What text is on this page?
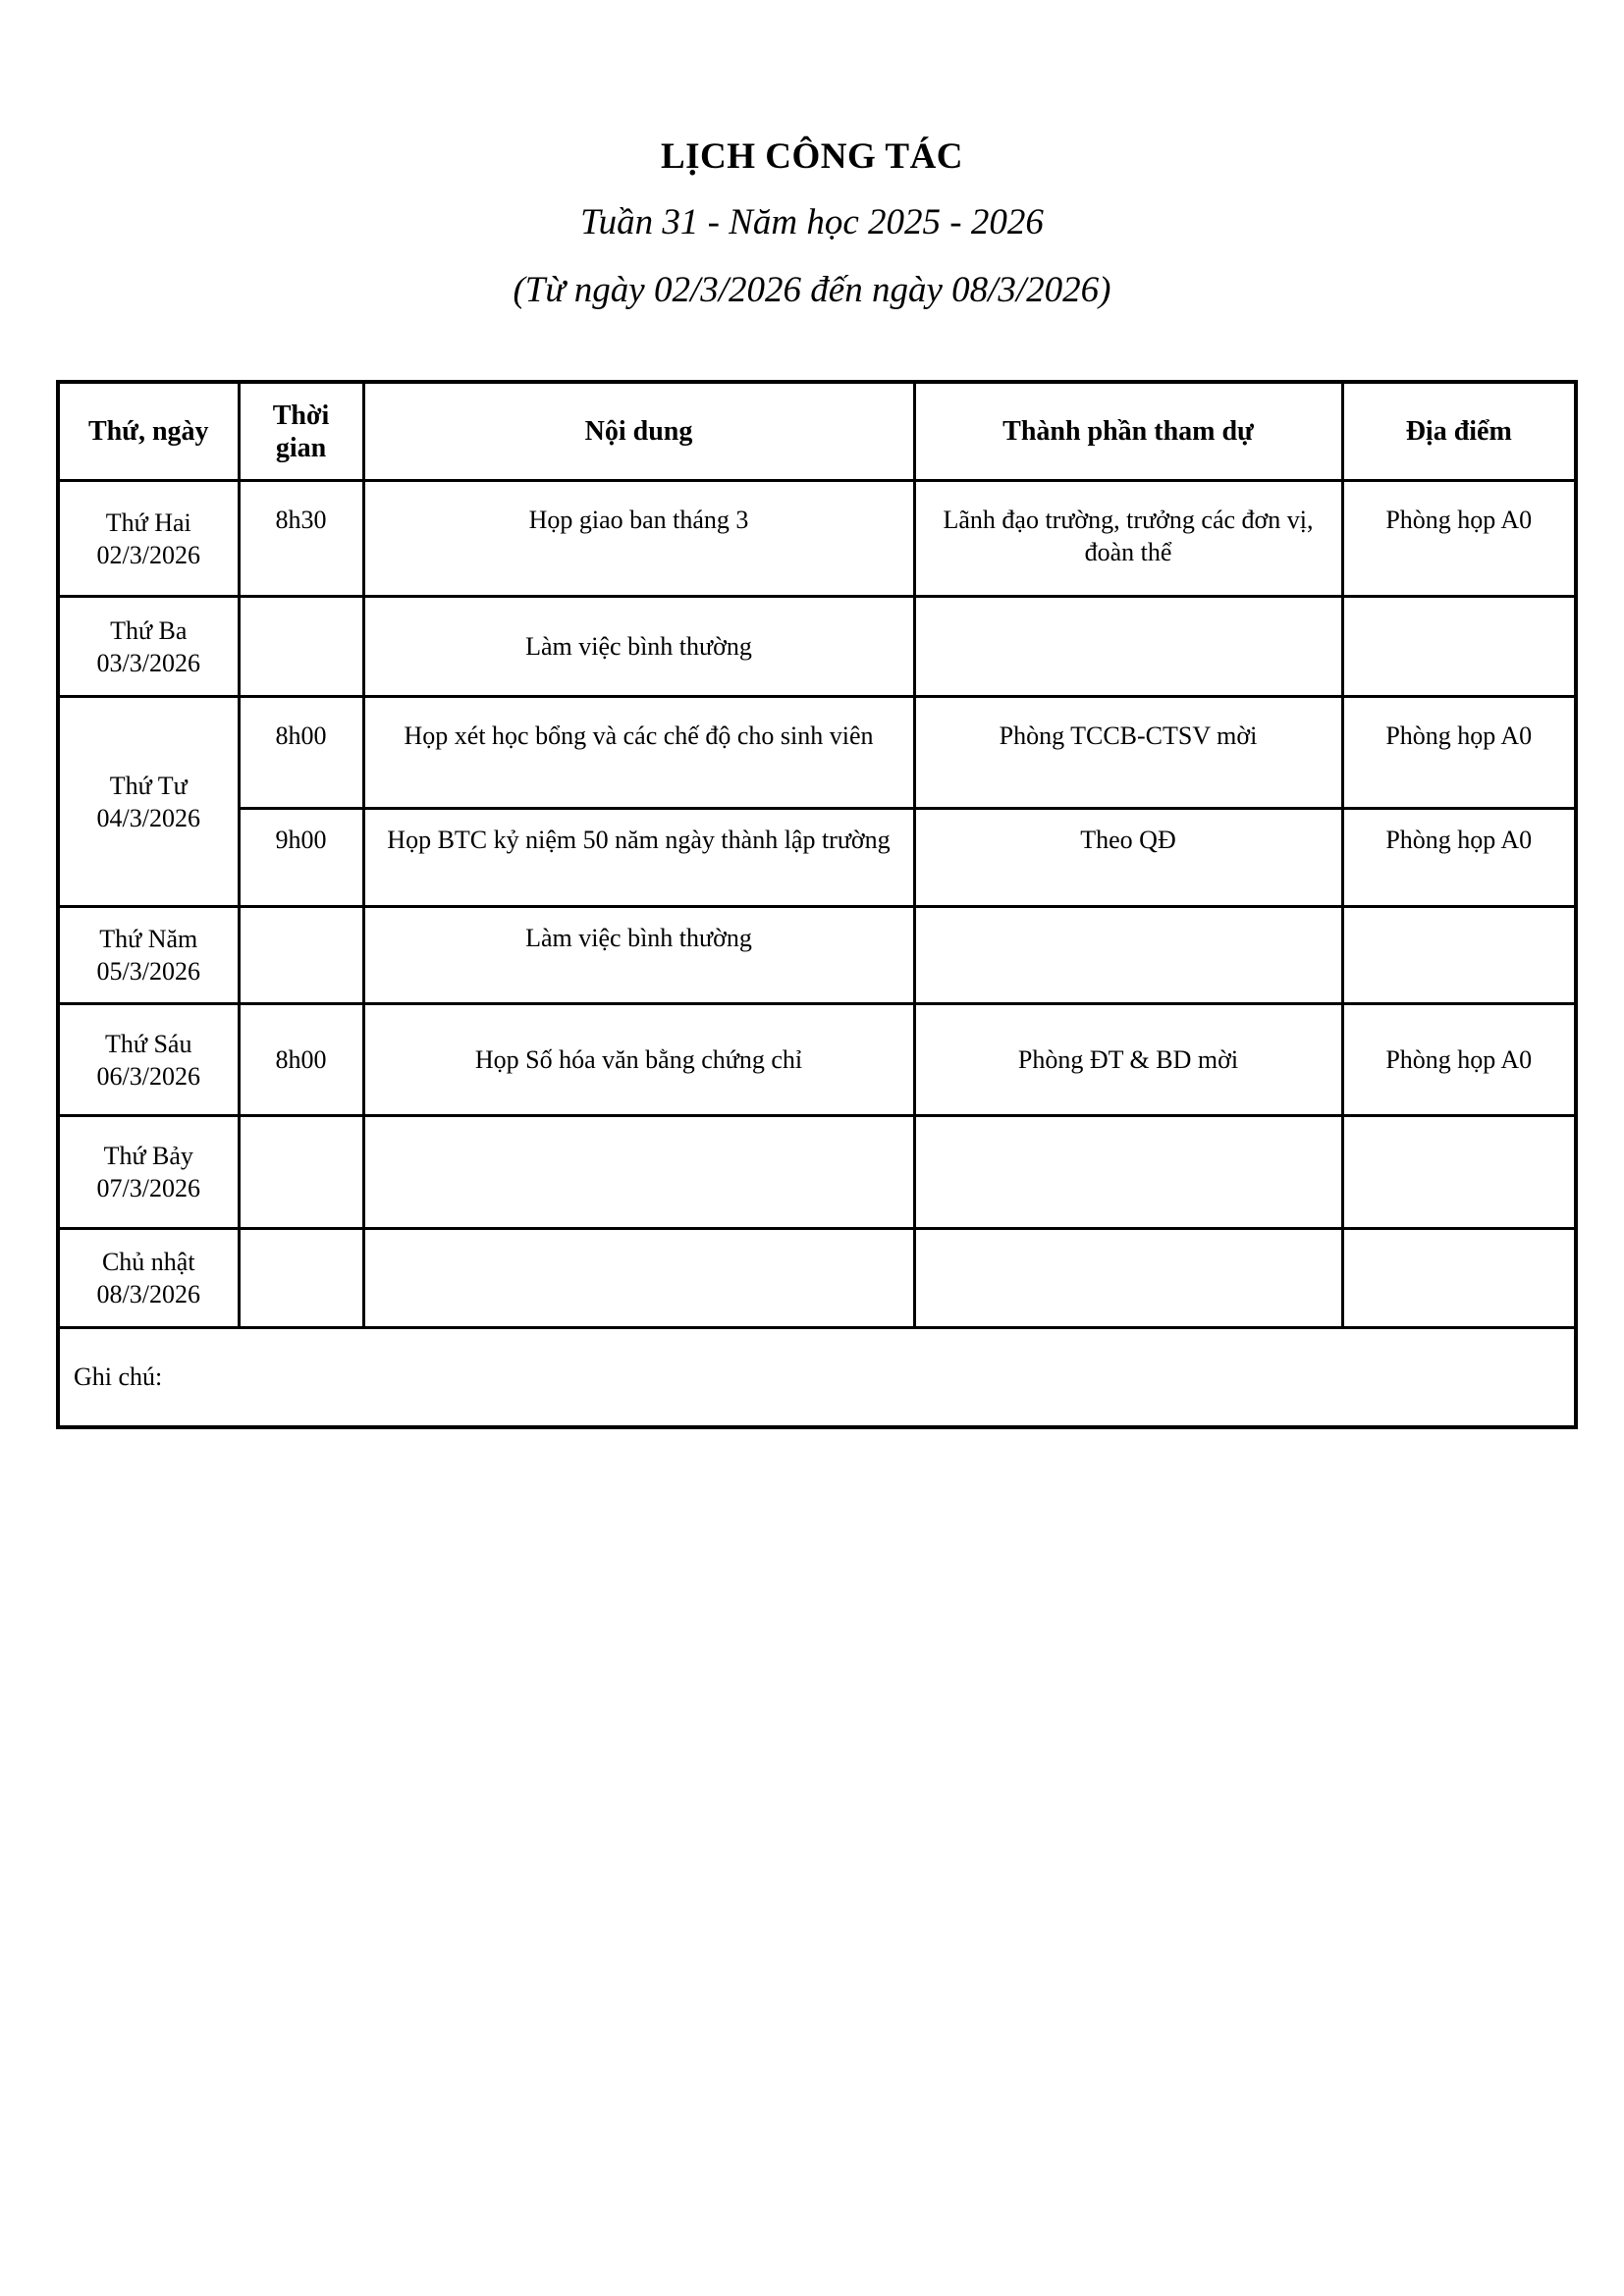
LỊCH CÔNG TÁC
Tuần 31 - Năm học 2025 - 2026
(Từ ngày 02/3/2026 đến ngày 08/3/2026)
Thứ, ngày	Thời gian	Nội dung	Thành phần tham dự	Địa điểm

Thứ Hai
02/3/2026	8h30	Họp giao ban tháng 3	Lãnh đạo trường, trưởng các đơn vị, đoàn thể	Phòng họp A0

Thứ Ba
03/3/2026		Làm việc bình thường		

Thứ Tư
04/3/2026	8h00	Họp xét học bổng và các chế độ cho sinh viên	Phòng TCCB-CTSV mời	Phòng họp A0
	9h00	Họp BTC kỷ niệm 50 năm ngày thành lập trường	Theo QĐ	Phòng họp A0

Thứ Năm
05/3/2026		Làm việc bình thường		

Thứ Sáu
06/3/2026	8h00	Họp Số hóa văn bằng chứng chỉ	Phòng ĐT & BD mời	Phòng họp A0

Thứ Bảy
07/3/2026				

Chủ nhật
08/3/2026				

Ghi chú:				
